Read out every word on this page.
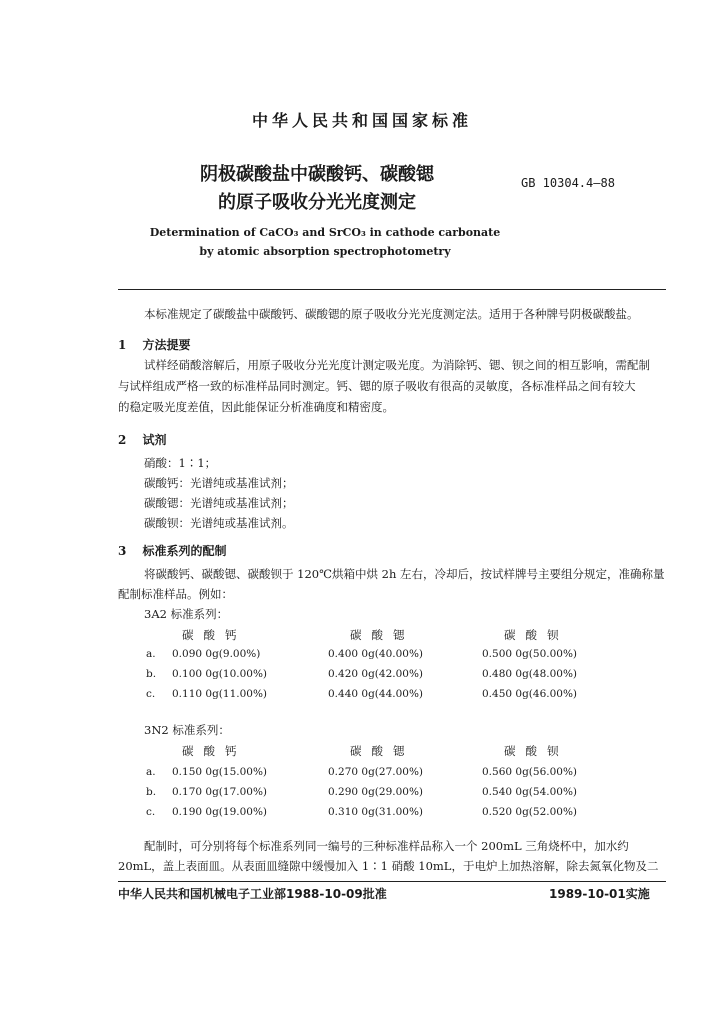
中华人民共和国国家标准
阴极碳酸盐中碳酸钙、碳酸锶
的原子吸收分光光度测定
GB 10304.4—88
Determination of CaCO₃ and SrCO₃ in cathode carbonate
by atomic absorption spectrophotometry
本标准规定了碳酸盐中碳酸钙、碳酸锶的原子吸收分光光度测定法。适用于各种牌号阴极碳酸盐。
1 方法提要
试样经硝酸溶解后，用原子吸收分光光度计测定吸光度。为消除钙、锶、钡之间的相互影响，需配制
与试样组成严格一致的标准样品同时测定。钙、锶的原子吸收有很高的灵敏度，各标准样品之间有较大
的稳定吸光度差值，因此能保证分析准确度和精密度。
2 试剂
硝酸：1∶1；
碳酸钙：光谱纯或基准试剂；
碳酸锶：光谱纯或基准试剂；
碳酸钡：光谱纯或基准试剂。
3 标准系列的配制
将碳酸钙、碳酸锶、碳酸钡于 120℃烘箱中烘 2h 左右，冷却后，按试样牌号主要组分规定，准确称量
配制标准样品。例如：
3A2 标准系列：
碳酸钙	碳酸锶	碳酸钡
a. 0.090 0g(9.00%)	0.400 0g(40.00%)	0.500 0g(50.00%)
b. 0.100 0g(10.00%)	0.420 0g(42.00%)	0.480 0g(48.00%)
c. 0.110 0g(11.00%)	0.440 0g(44.00%)	0.450 0g(46.00%)
3N2 标准系列：
碳酸钙	碳酸锶	碳酸钡
a. 0.150 0g(15.00%)	0.270 0g(27.00%)	0.560 0g(56.00%)
b. 0.170 0g(17.00%)	0.290 0g(29.00%)	0.540 0g(54.00%)
c. 0.190 0g(19.00%)	0.310 0g(31.00%)	0.520 0g(52.00%)
配制时，可分别将每个标准系列同一编号的三种标准样品称入一个 200mL 三角烧杯中，加水约
20mL，盖上表面皿。从表面皿缝隙中缓慢加入 1∶1 硝酸 10mL，于电炉上加热溶解，除去氮氧化物及二
中华人民共和国机械电子工业部1988-10-09批准	1989-10-01实施
